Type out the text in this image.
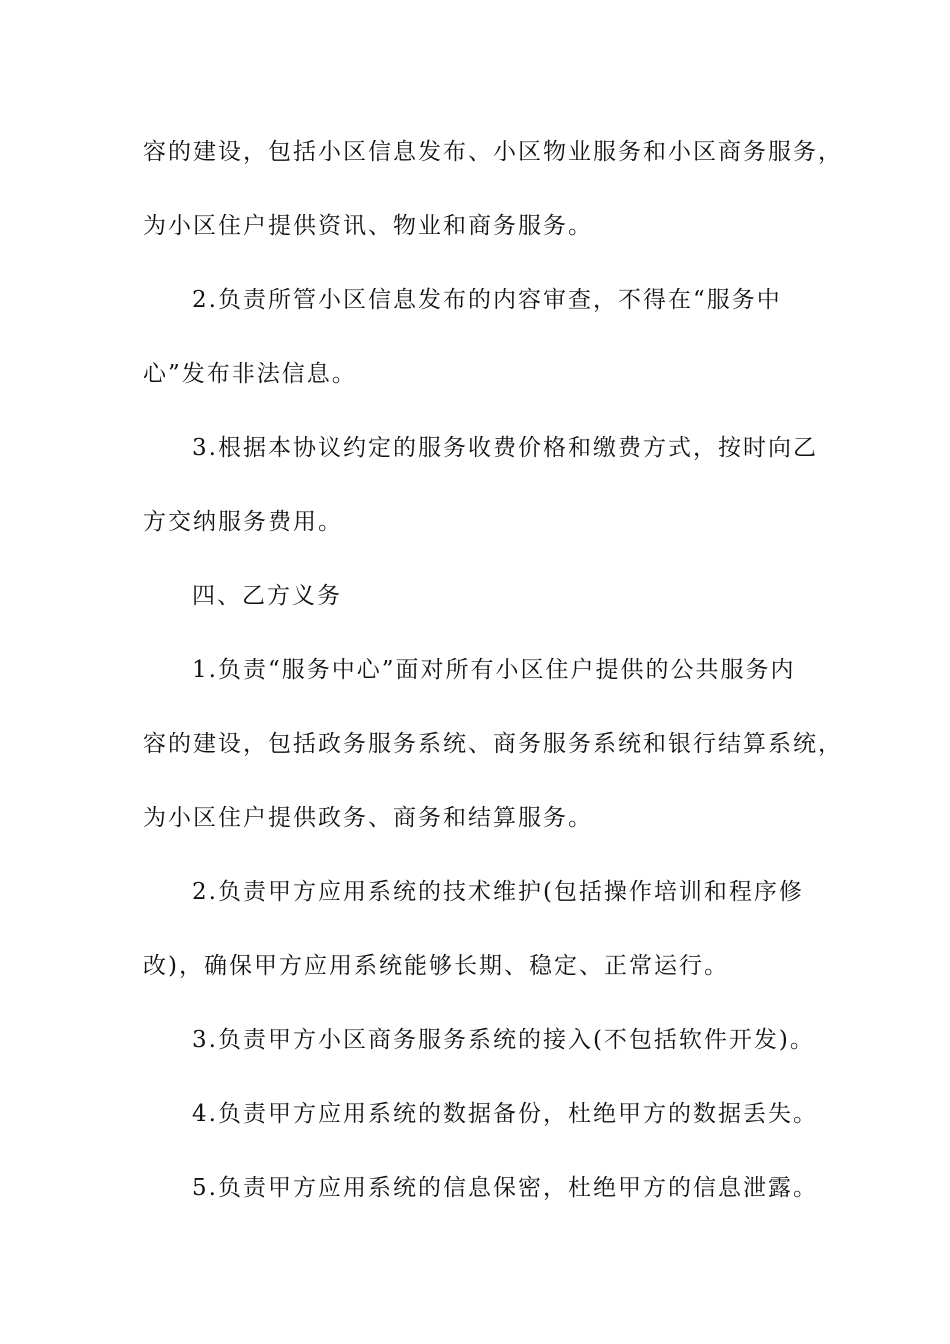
容的建设，包括小区信息发布、小区物业服务和小区商务服务，
为小区住户提供资讯、物业和商务服务。
2.负责所管小区信息发布的内容审查，不得在“服务中
心”发布非法信息。
3.根据本协议约定的服务收费价格和缴费方式，按时向乙
方交纳服务费用。
四、乙方义务
1.负责“服务中心”面对所有小区住户提供的公共服务内
容的建设，包括政务服务系统、商务服务系统和银行结算系统，
为小区住户提供政务、商务和结算服务。
2.负责甲方应用系统的技术维护(包括操作培训和程序修
改)，确保甲方应用系统能够长期、稳定、正常运行。
3.负责甲方小区商务服务系统的接入(不包括软件开发)。
4.负责甲方应用系统的数据备份，杜绝甲方的数据丢失。
5.负责甲方应用系统的信息保密，杜绝甲方的信息泄露。
